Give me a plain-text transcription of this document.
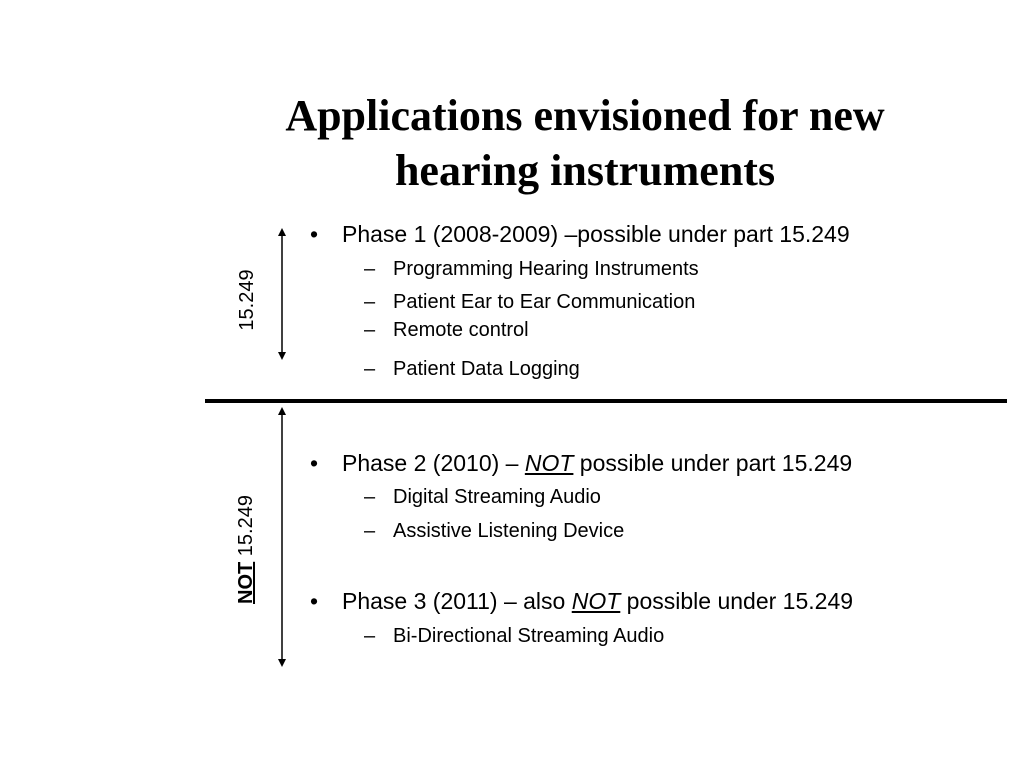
Applications envisioned for new
hearing instruments
15.249
• Phase 1 (2008-2009) –possible under part 15.249
– Programming Hearing Instruments
– Patient Ear to Ear Communication
– Remote control
– Patient Data Logging
NOT 15.249
• Phase 2 (2010) – NOT possible under part 15.249
– Digital Streaming Audio
– Assistive Listening Device
• Phase 3 (2011) – also NOT possible under 15.249
– Bi-Directional Streaming Audio
